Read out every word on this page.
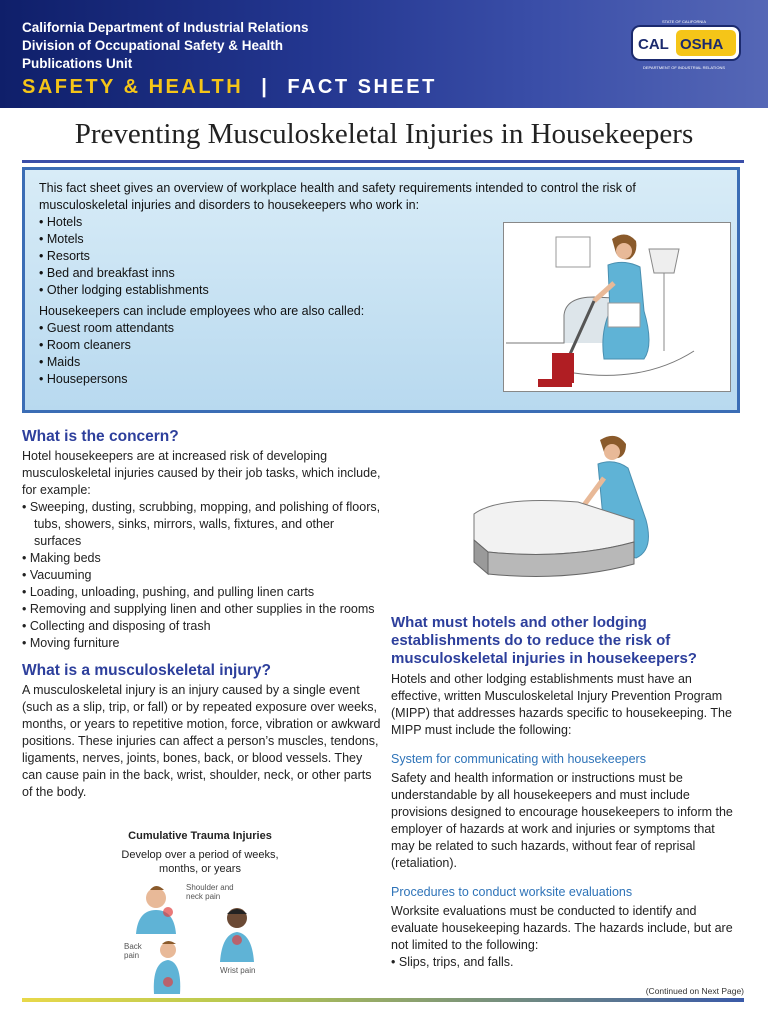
California Department of Industrial Relations
Division of Occupational Safety & Health
Publications Unit
SAFETY & HEALTH | FACT SHEET
CAL OSHA
STATE OF CALIFORNIA
DEPARTMENT OF INDUSTRIAL RELATIONS
Preventing Musculoskeletal Injuries in Housekeepers

This fact sheet gives an overview of workplace health and safety requirements intended to control the risk of musculoskeletal injuries and disorders to housekeepers who work in:

• Hotels
• Motels
• Resorts
• Bed and breakfast inns
• Other lodging establishments

Housekeepers can include employees who are also called:

• Guest room attendants
• Room cleaners
• Maids
• Housepersons
What is the concern?

Hotel housekeepers are at increased risk of developing musculoskeletal injuries caused by their job tasks, which include, for example:

• Sweeping, dusting, scrubbing, mopping, and polishing of floors, tubs, showers, sinks, mirrors, walls, fixtures, and other surfaces
• Making beds
• Vacuuming
• Loading, unloading, pushing, and pulling linen carts
• Removing and supplying linen and other supplies in the rooms
• Collecting and disposing of trash
• Moving furniture
What is a musculoskeletal injury?

A musculoskeletal injury is an injury caused by a single event (such as a slip, trip, or fall) or by repeated exposure over weeks, months, or years to repetitive motion, force, vibration or awkward positions. These injuries can affect a person’s muscles, tendons, ligaments, nerves, joints, bones, back, or blood vessels. They can cause pain in the back, wrist, shoulder, neck, or other parts of the body.

Cumulative Trauma Injuries
Develop over a period of weeks, months, or years
Shoulder and neck pain
Back pain
Wrist pain
What must hotels and other lodging establishments do to reduce the risk of musculoskeletal injuries in housekeepers?

Hotels and other lodging establishments must have an effective, written Musculoskeletal Injury Prevention Program (MIPP) that addresses hazards specific to housekeeping. The MIPP must include the following:

System for communicating with housekeepers

Safety and health information or instructions must be understandable by all housekeepers and must include provisions designed to encourage housekeepers to inform the employer of hazards at work and injuries or symptoms that may be related to such hazards, without fear of reprisal (retaliation).

Procedures to conduct worksite evaluations

Worksite evaluations must be conducted to identify and evaluate housekeeping hazards. The hazards include, but are not limited to the following:

• Slips, trips, and falls.

(Continued on Next Page)
